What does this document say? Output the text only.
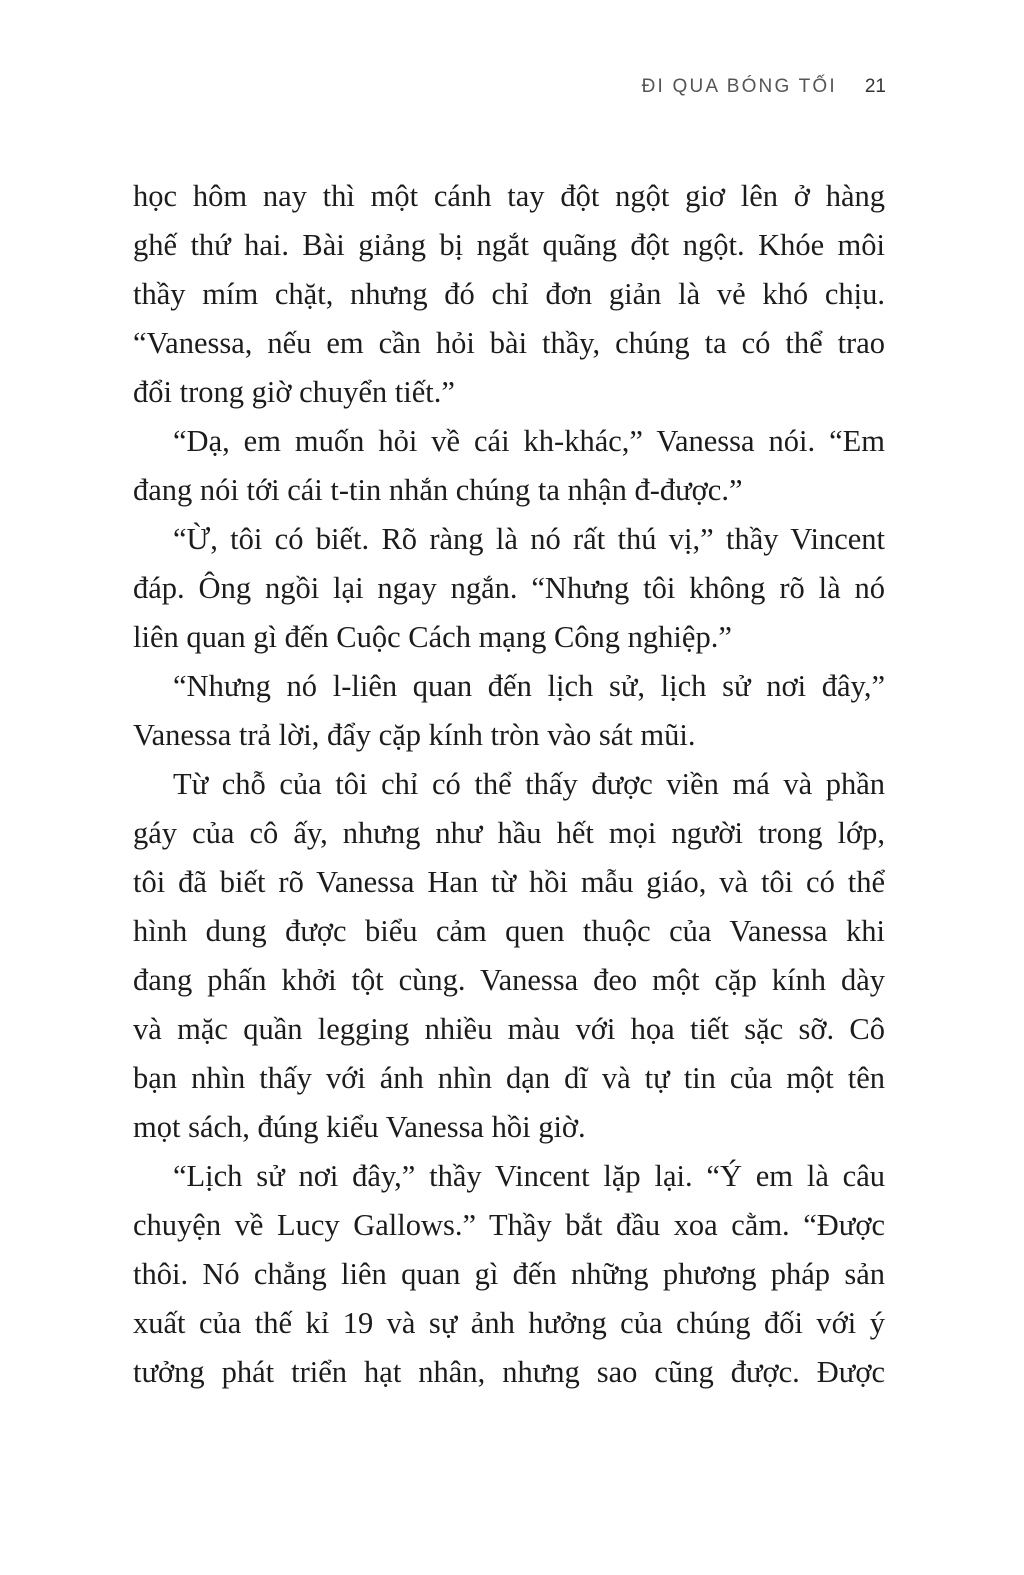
ĐI QUA BÓNG TỐI 21
học hôm nay thì một cánh tay đột ngột giơ lên ở hàng
ghế thứ hai. Bài giảng bị ngắt quãng đột ngột. Khóe môi
thầy mím chặt, nhưng đó chỉ đơn giản là vẻ khó chịu.
“Vanessa, nếu em cần hỏi bài thầy, chúng ta có thể trao
đổi trong giờ chuyển tiết.”
“Dạ, em muốn hỏi về cái kh-khác,” Vanessa nói. “Em
đang nói tới cái t-tin nhắn chúng ta nhận đ-được.”
“Ừ, tôi có biết. Rõ ràng là nó rất thú vị,” thầy Vincent
đáp. Ông ngồi lại ngay ngắn. “Nhưng tôi không rõ là nó
liên quan gì đến Cuộc Cách mạng Công nghiệp.”
“Nhưng nó l-liên quan đến lịch sử, lịch sử nơi đây,”
Vanessa trả lời, đẩy cặp kính tròn vào sát mũi.
Từ chỗ của tôi chỉ có thể thấy được viền má và phần
gáy của cô ấy, nhưng như hầu hết mọi người trong lớp,
tôi đã biết rõ Vanessa Han từ hồi mẫu giáo, và tôi có thể
hình dung được biểu cảm quen thuộc của Vanessa khi
đang phấn khởi tột cùng. Vanessa đeo một cặp kính dày
và mặc quần legging nhiều màu với họa tiết sặc sỡ. Cô
bạn nhìn thấy với ánh nhìn dạn dĩ và tự tin của một tên
mọt sách, đúng kiểu Vanessa hồi giờ.
“Lịch sử nơi đây,” thầy Vincent lặp lại. “Ý em là câu
chuyện về Lucy Gallows.” Thầy bắt đầu xoa cằm. “Được
thôi. Nó chẳng liên quan gì đến những phương pháp sản
xuất của thế kỉ 19 và sự ảnh hưởng của chúng đối với ý
tưởng phát triển hạt nhân, nhưng sao cũng được. Được
